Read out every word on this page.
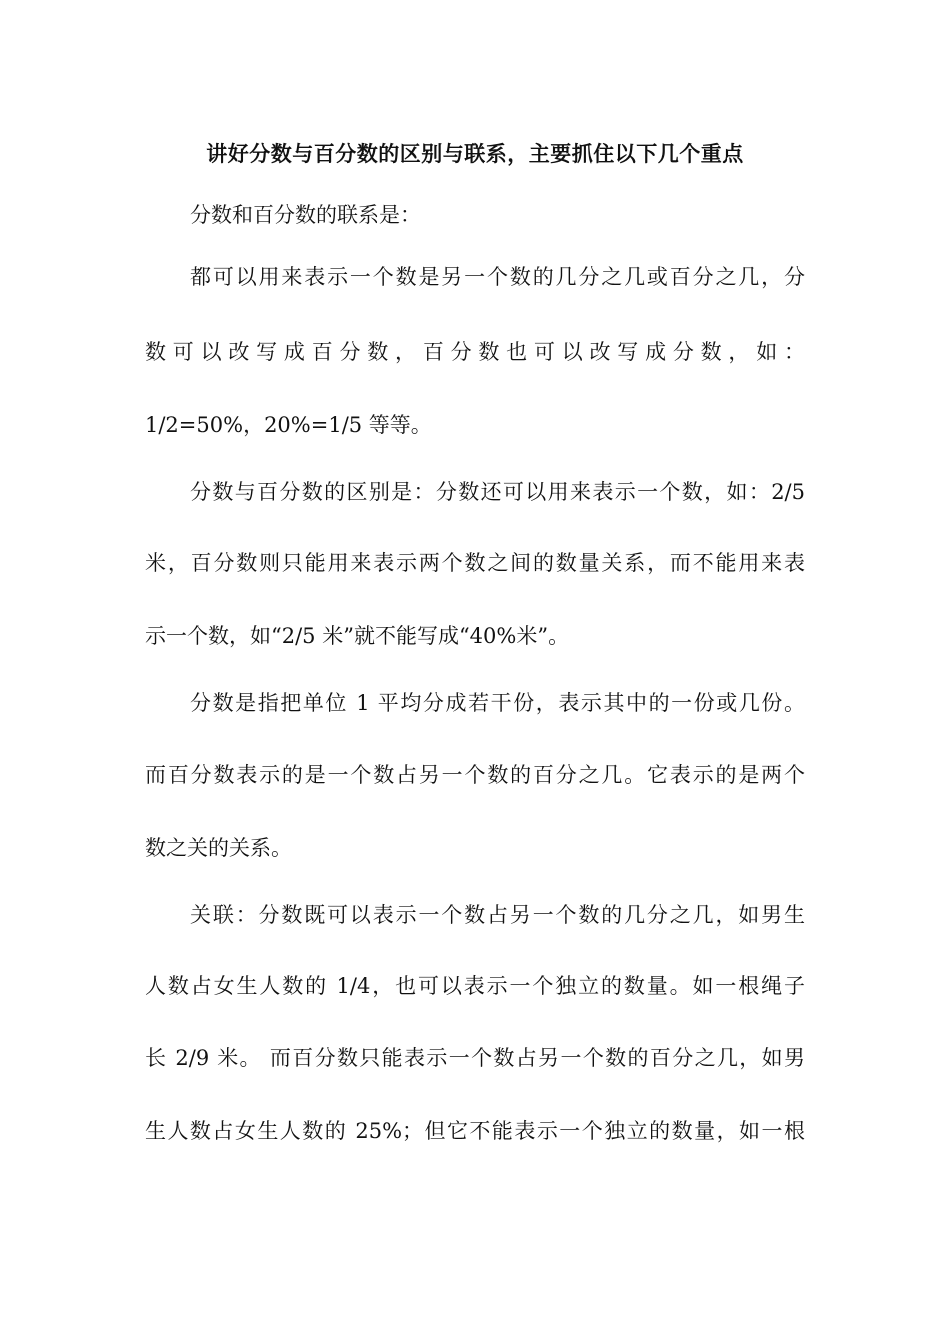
讲好分数与百分数的区别与联系，主要抓住以下几个重点
分数和百分数的联系是：
都可以用来表示一个数是另一个数的几分之几或百分之几，分
数可以改写成百分数，百分数也可以改写成分数，如：
1/2=50%，20%=1/5 等等。
分数与百分数的区别是：分数还可以用来表示一个数，如：2/5
米，百分数则只能用来表示两个数之间的数量关系，而不能用来表
示一个数，如“2/5 米”就不能写成“40%米”。
分数是指把单位 1 平均分成若干份，表示其中的一份或几份。
而百分数表示的是一个数占另一个数的百分之几。它表示的是两个
数之关的关系。
关联：分数既可以表示一个数占另一个数的几分之几，如男生
人数占女生人数的 1/4，也可以表示一个独立的数量。如一根绳子
长 2/9 米。 而百分数只能表示一个数占另一个数的百分之几，如男
生人数占女生人数的 25%；但它不能表示一个独立的数量，如一根
